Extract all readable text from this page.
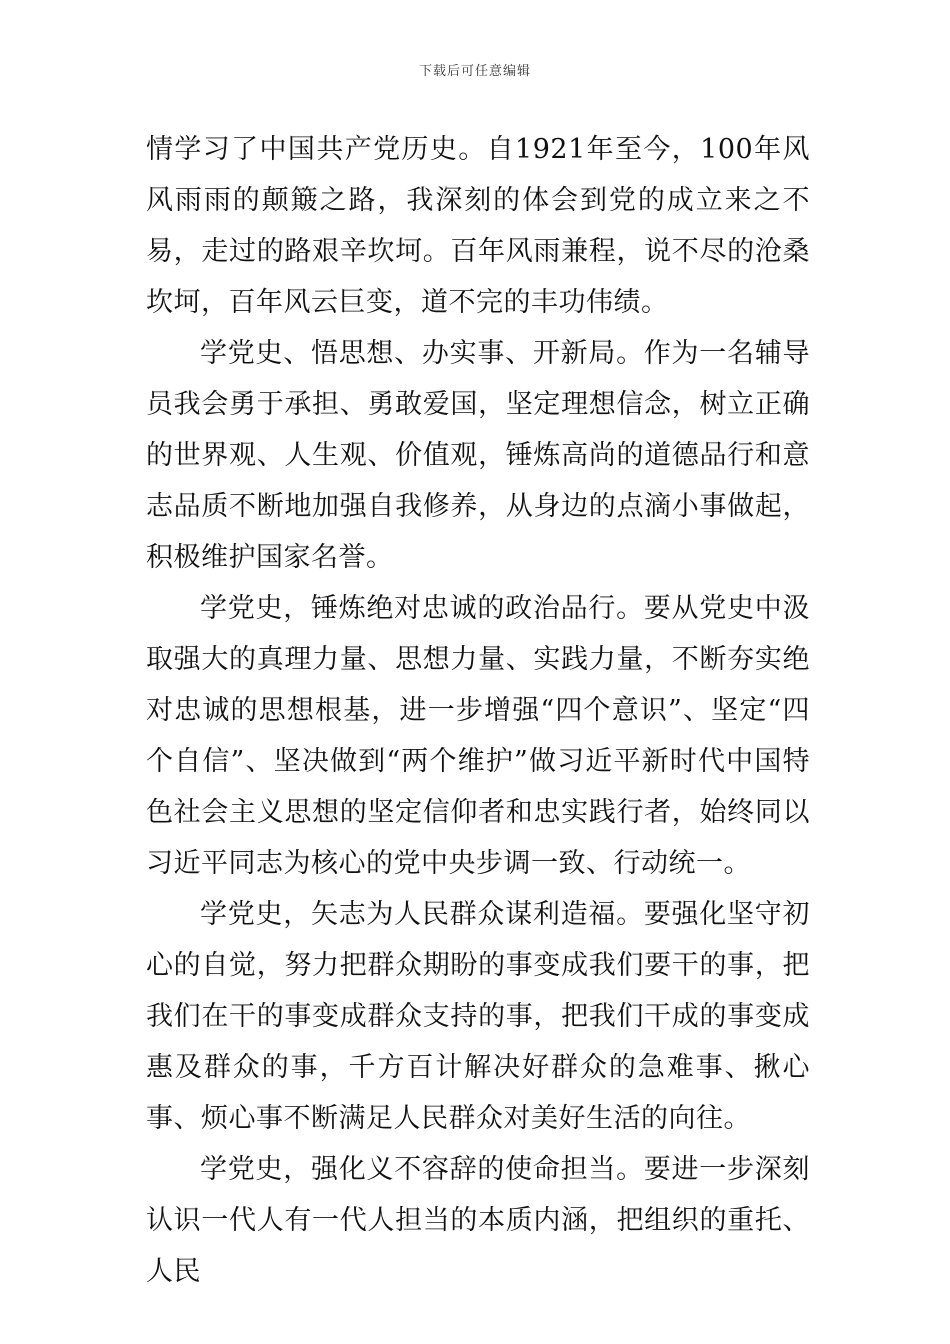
下载后可任意编辑

情学习了中国共产党历史。自1921年至今，100年风风雨雨的颠簸之路，我深刻的体会到党的成立来之不易，走过的路艰辛坎坷。百年风雨兼程，说不尽的沧桑坎坷，百年风云巨变，道不完的丰功伟绩。

学党史、悟思想、办实事、开新局。作为一名辅导员我会勇于承担、勇敢爱国，坚定理想信念，树立正确的世界观、人生观、价值观，锤炼高尚的道德品行和意志品质不断地加强自我修养，从身边的点滴小事做起，积极维护国家名誉。

学党史，锤炼绝对忠诚的政治品行。要从党史中汲取强大的真理力量、思想力量、实践力量，不断夯实绝对忠诚的思想根基，进一步增强“四个意识”、坚定“四个自信”、坚决做到“两个维护”做习近平新时代中国特色社会主义思想的坚定信仰者和忠实践行者，始终同以习近平同志为核心的党中央步调一致、行动统一。

学党史，矢志为人民群众谋利造福。要强化坚守初心的自觉，努力把群众期盼的事变成我们要干的事，把我们在干的事变成群众支持的事，把我们干成的事变成惠及群众的事，千方百计解决好群众的急难事、揪心事、烦心事不断满足人民群众对美好生活的向往。

学党史，强化义不容辞的使命担当。要进一步深刻认识一代人有一代人担当的本质内涵，把组织的重托、人民
